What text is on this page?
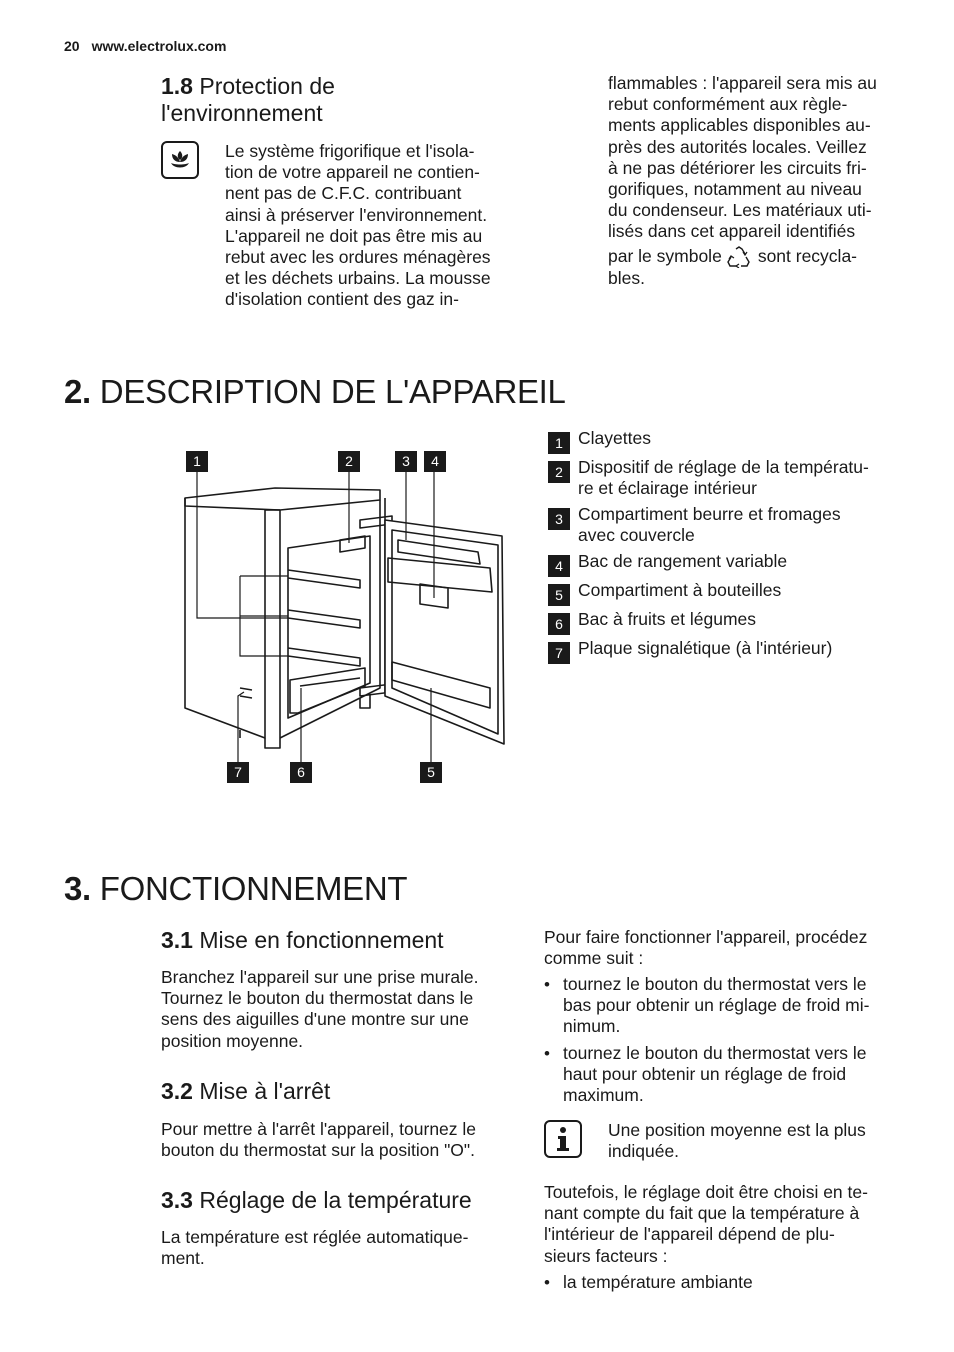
20 www.electrolux.com
1.8 Protection de l'environnement
Le système frigorifique et l'isola-
tion de votre appareil ne contien-
nent pas de C.F.C. contribuant
ainsi à préserver l'environnement.
L'appareil ne doit pas être mis au
rebut avec les ordures ménagères
et les déchets urbains. La mousse
d'isolation contient des gaz in-
flammables : l'appareil sera mis au
rebut conformément aux règle-
ments applicables disponibles au-
près des autorités locales. Veillez
à ne pas détériorer les circuits fri-
gorifiques, notamment au niveau
du condenseur. Les matériaux uti-
lisés dans cet appareil identifiés
par le symbole sont recycla-
bles.
2. DESCRIPTION DE L'APPAREIL
1	2	3	4
7	6	5
1 Clayettes
2 Dispositif de réglage de la températu-
re et éclairage intérieur
3 Compartiment beurre et fromages
avec couvercle
4 Bac de rangement variable
5 Compartiment à bouteilles
6 Bac à fruits et légumes
7 Plaque signalétique (à l'intérieur)
3. FONCTIONNEMENT
3.1 Mise en fonctionnement
Branchez l'appareil sur une prise murale.
Tournez le bouton du thermostat dans le
sens des aiguilles d'une montre sur une
position moyenne.
3.2 Mise à l'arrêt
Pour mettre à l'arrêt l'appareil, tournez le
bouton du thermostat sur la position "O".
3.3 Réglage de la température
La température est réglée automatique-
ment.
Pour faire fonctionner l'appareil, procédez
comme suit :
• tournez le bouton du thermostat vers le
bas pour obtenir un réglage de froid mi-
nimum.
• tournez le bouton du thermostat vers le
haut pour obtenir un réglage de froid
maximum.
Une position moyenne est la plus
indiquée.
Toutefois, le réglage doit être choisi en te-
nant compte du fait que la température à
l'intérieur de l'appareil dépend de plu-
sieurs facteurs :
• la température ambiante
